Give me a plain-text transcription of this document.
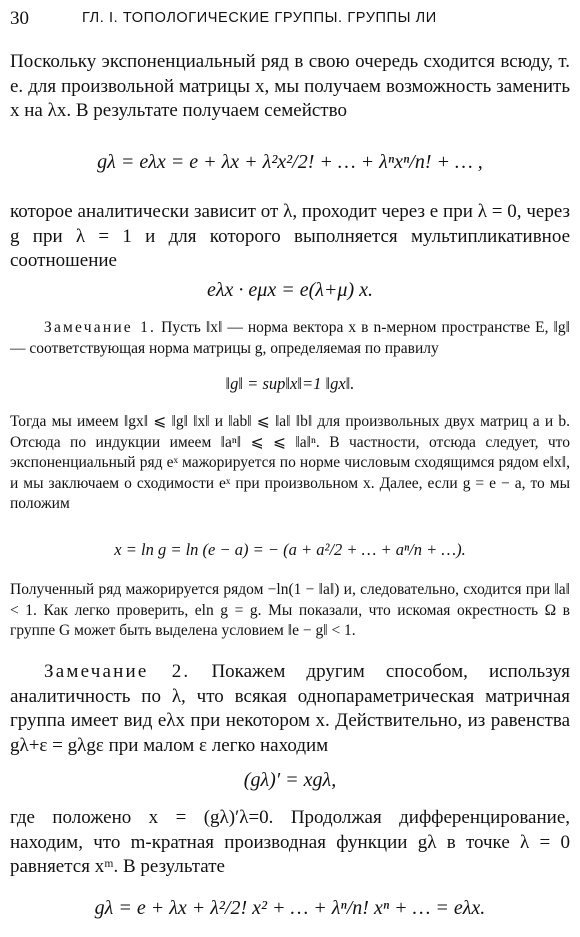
30	ГЛ. I. ТОПОЛОГИЧЕСКИЕ ГРУППЫ. ГРУППЫ ЛИ
Поскольку экспоненциальный ряд в свою очередь сходится всюду, т. е. для произвольной матрицы x, мы получаем возможность заменить x на λx. В результате получаем семейство
gλ = eλx = e + λx + λ²x²/2! + … + λⁿxⁿ/n! + … ,
которое аналитически зависит от λ, проходит через e при λ = 0, через g при λ = 1 и для которого выполняется мультипликативное соотношение
eλx · eμx = e(λ+μ) x.
Замечание 1. Пусть ‖x‖ — норма вектора x в n-мерном пространстве E, ‖g‖ — соответствующая норма матрицы g, определяемая по правилу
‖g‖ = sup‖x‖=1 ‖gx‖.
Тогда мы имеем ‖gx‖ ⩽ ‖g‖ ‖x‖ и ‖ab‖ ⩽ ‖a‖ ‖b‖ для произвольных двух матриц a и b. Отсюда по индукции имеем ‖aⁿ‖ ⩽ ⩽ ‖a‖ⁿ. В частности, отсюда следует, что экспоненциальный ряд eˣ мажорируется по норме числовым сходящимся рядом e‖x‖, и мы заключаем о сходимости eˣ при произвольном x. Далее, если g = e − a, то мы положим
x = ln g = ln (e − a) = − (a + a²/2 + … + aⁿ/n + …).
Полученный ряд мажорируется рядом −ln(1 − ‖a‖) и, следовательно, сходится при ‖a‖ < 1. Как легко проверить, eln g = g. Мы показали, что искомая окрестность Ω в группе G может быть выделена условием ‖e − g‖ < 1.
Замечание 2. Покажем другим способом, используя аналитичность по λ, что всякая однопараметрическая матричная группа имеет вид eλx при некотором x. Действительно, из равенства gλ+ε = gλgε при малом ε легко находим
(gλ)′ = xgλ,
где положено x = (gλ)′λ=0. Продолжая дифференцирование, находим, что m-кратная производная функции gλ в точке λ = 0 равняется xᵐ. В результате
gλ = e + λx + λ²/2! x² + … + λⁿ/n! xⁿ + … = eλx.
